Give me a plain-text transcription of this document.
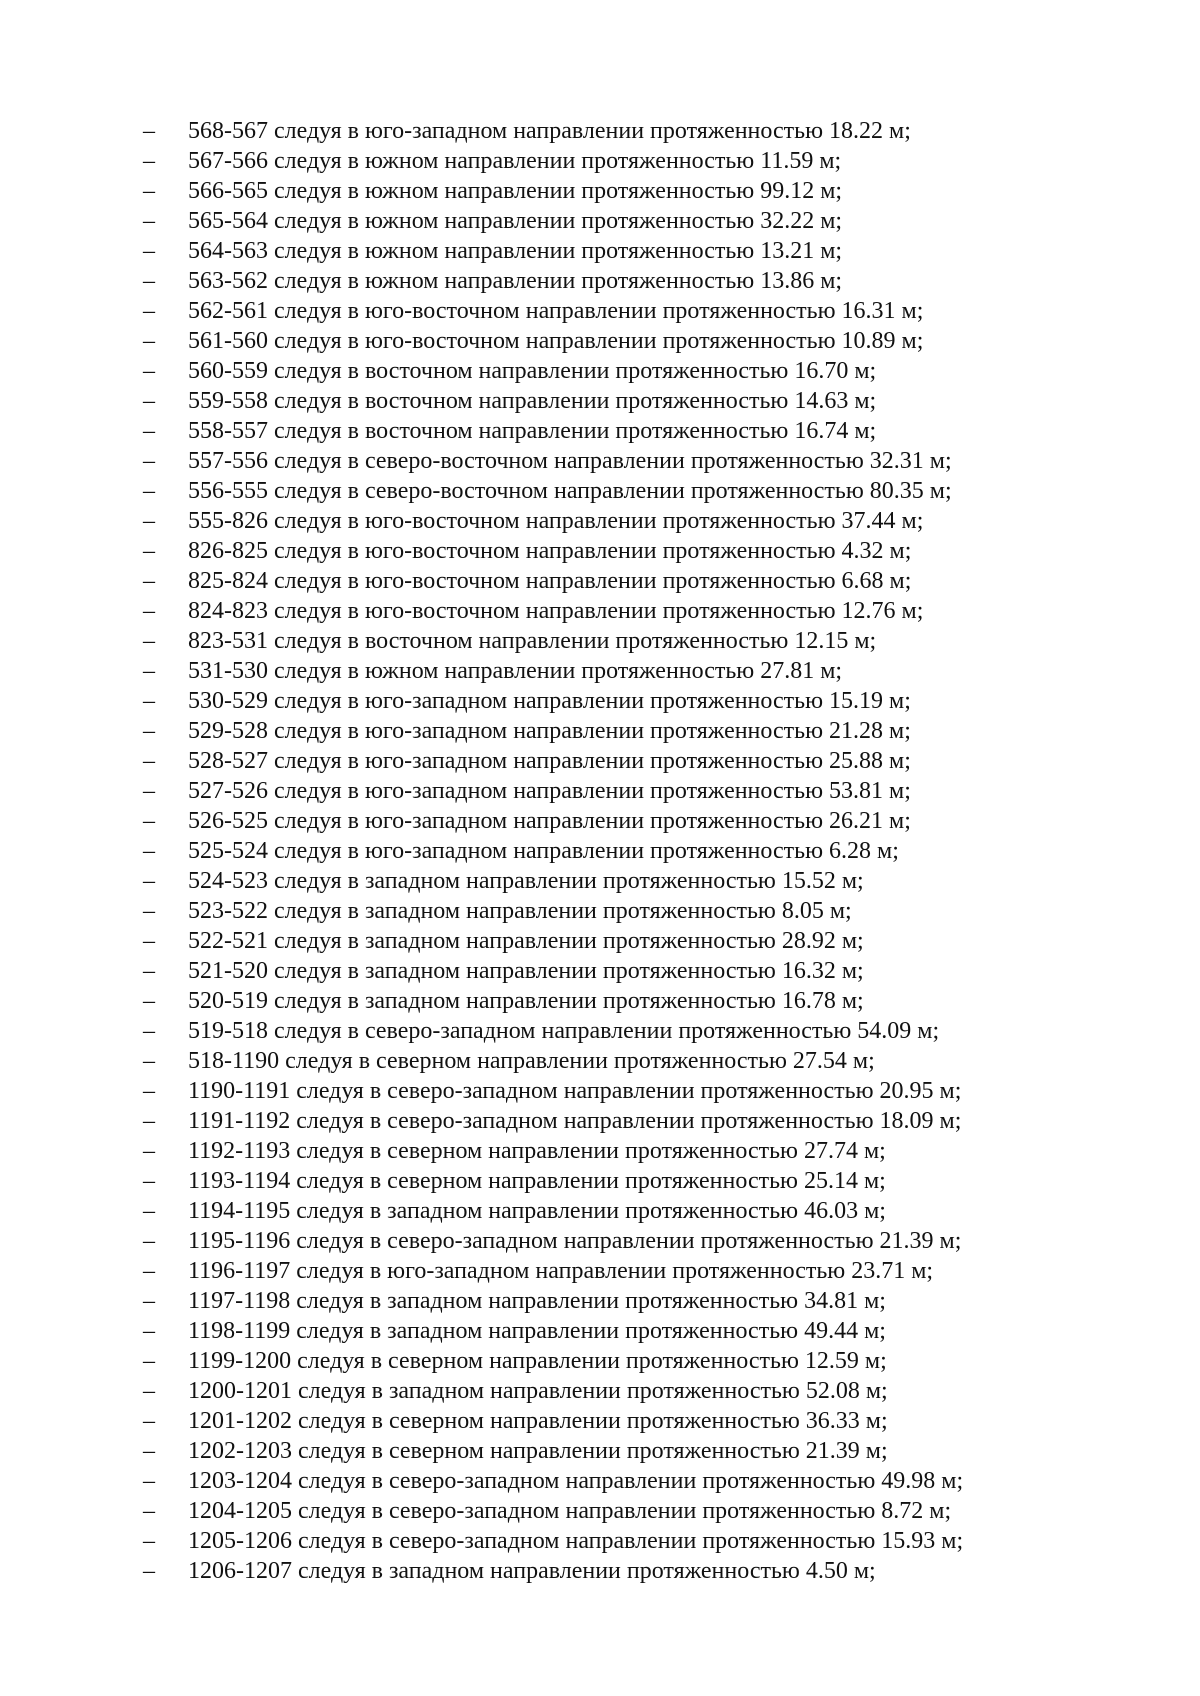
– 568-567 следуя в юго-западном направлении протяженностью 18.22 м;
– 567-566 следуя в южном направлении протяженностью 11.59 м;
– 566-565 следуя в южном направлении протяженностью 99.12 м;
– 565-564 следуя в южном направлении протяженностью 32.22 м;
– 564-563 следуя в южном направлении протяженностью 13.21 м;
– 563-562 следуя в южном направлении протяженностью 13.86 м;
– 562-561 следуя в юго-восточном направлении протяженностью 16.31 м;
– 561-560 следуя в юго-восточном направлении протяженностью 10.89 м;
– 560-559 следуя в восточном направлении протяженностью 16.70 м;
– 559-558 следуя в восточном направлении протяженностью 14.63 м;
– 558-557 следуя в восточном направлении протяженностью 16.74 м;
– 557-556 следуя в северо-восточном направлении протяженностью 32.31 м;
– 556-555 следуя в северо-восточном направлении протяженностью 80.35 м;
– 555-826 следуя в юго-восточном направлении протяженностью 37.44 м;
– 826-825 следуя в юго-восточном направлении протяженностью 4.32 м;
– 825-824 следуя в юго-восточном направлении протяженностью 6.68 м;
– 824-823 следуя в юго-восточном направлении протяженностью 12.76 м;
– 823-531 следуя в восточном направлении протяженностью 12.15 м;
– 531-530 следуя в южном направлении протяженностью 27.81 м;
– 530-529 следуя в юго-западном направлении протяженностью 15.19 м;
– 529-528 следуя в юго-западном направлении протяженностью 21.28 м;
– 528-527 следуя в юго-западном направлении протяженностью 25.88 м;
– 527-526 следуя в юго-западном направлении протяженностью 53.81 м;
– 526-525 следуя в юго-западном направлении протяженностью 26.21 м;
– 525-524 следуя в юго-западном направлении протяженностью 6.28 м;
– 524-523 следуя в западном направлении протяженностью 15.52 м;
– 523-522 следуя в западном направлении протяженностью 8.05 м;
– 522-521 следуя в западном направлении протяженностью 28.92 м;
– 521-520 следуя в западном направлении протяженностью 16.32 м;
– 520-519 следуя в западном направлении протяженностью 16.78 м;
– 519-518 следуя в северо-западном направлении протяженностью 54.09 м;
– 518-1190 следуя в северном направлении протяженностью 27.54 м;
– 1190-1191 следуя в северо-западном направлении протяженностью 20.95 м;
– 1191-1192 следуя в северо-западном направлении протяженностью 18.09 м;
– 1192-1193 следуя в северном направлении протяженностью 27.74 м;
– 1193-1194 следуя в северном направлении протяженностью 25.14 м;
– 1194-1195 следуя в западном направлении протяженностью 46.03 м;
– 1195-1196 следуя в северо-западном направлении протяженностью 21.39 м;
– 1196-1197 следуя в юго-западном направлении протяженностью 23.71 м;
– 1197-1198 следуя в западном направлении протяженностью 34.81 м;
– 1198-1199 следуя в западном направлении протяженностью 49.44 м;
– 1199-1200 следуя в северном направлении протяженностью 12.59 м;
– 1200-1201 следуя в западном направлении протяженностью 52.08 м;
– 1201-1202 следуя в северном направлении протяженностью 36.33 м;
– 1202-1203 следуя в северном направлении протяженностью 21.39 м;
– 1203-1204 следуя в северо-западном направлении протяженностью 49.98 м;
– 1204-1205 следуя в северо-западном направлении протяженностью 8.72 м;
– 1205-1206 следуя в северо-западном направлении протяженностью 15.93 м;
– 1206-1207 следуя в западном направлении протяженностью 4.50 м;
